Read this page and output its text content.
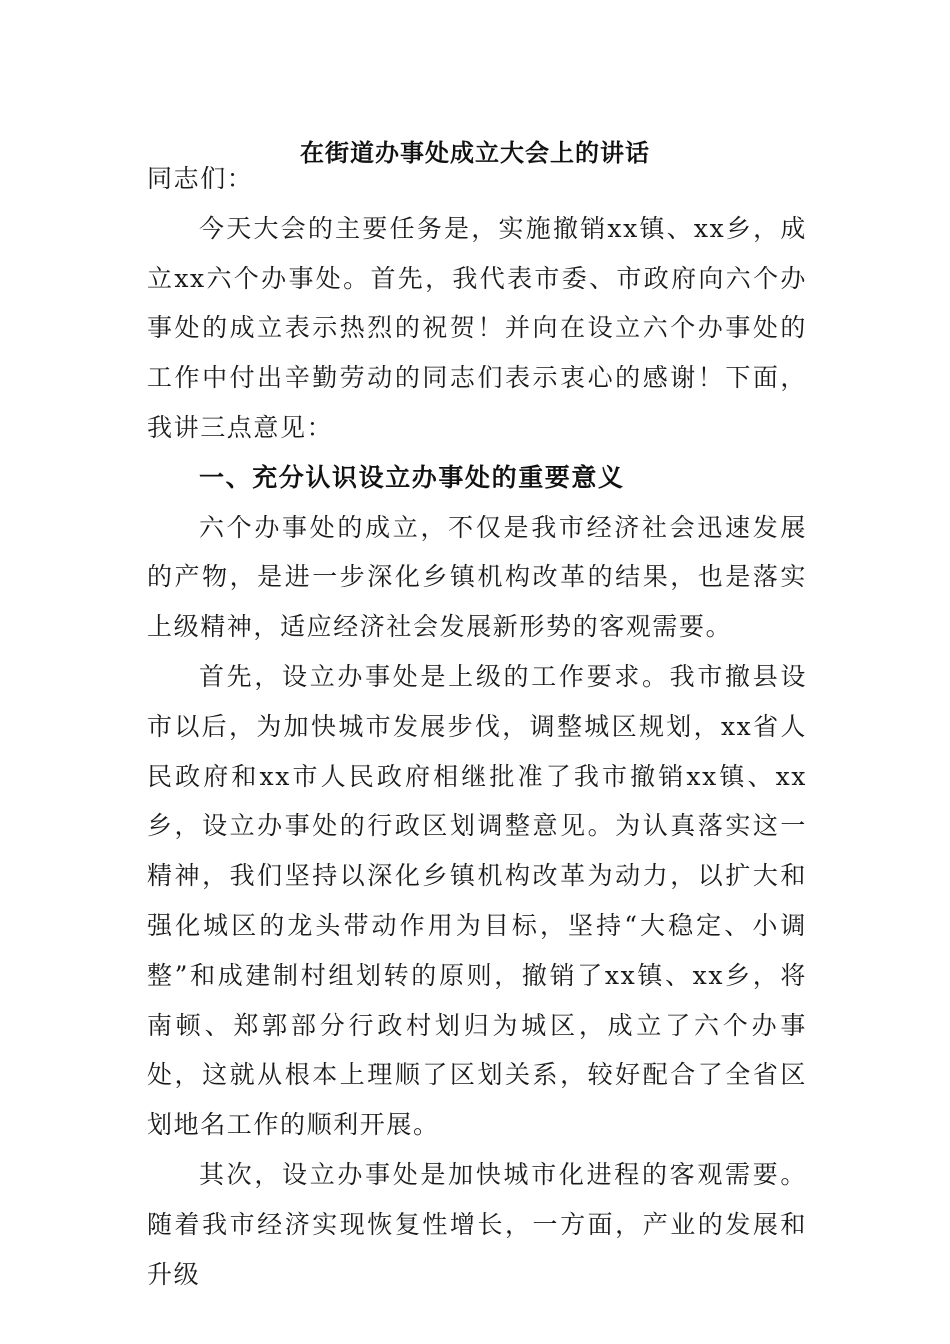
在街道办事处成立大会上的讲话

同志们：

今天大会的主要任务是，实施撤销xx镇、xx乡，成立xx六个办事处。首先，我代表市委、市政府向六个办事处的成立表示热烈的祝贺！并向在设立六个办事处的工作中付出辛勤劳动的同志们表示衷心的感谢！下面，我讲三点意见：

一、充分认识设立办事处的重要意义

六个办事处的成立，不仅是我市经济社会迅速发展的产物，是进一步深化乡镇机构改革的结果，也是落实上级精神，适应经济社会发展新形势的客观需要。

首先，设立办事处是上级的工作要求。我市撤县设市以后，为加快城市发展步伐，调整城区规划，xx省人民政府和xx市人民政府相继批准了我市撤销xx镇、xx乡，设立办事处的行政区划调整意见。为认真落实这一精神，我们坚持以深化乡镇机构改革为动力，以扩大和强化城区的龙头带动作用为目标，坚持“大稳定、小调整”和成建制村组划转的原则，撤销了xx镇、xx乡，将南顿、郑郭部分行政村划归为城区，成立了六个办事处，这就从根本上理顺了区划关系，较好配合了全省区划地名工作的顺利开展。

其次，设立办事处是加快城市化进程的客观需要。随着我市经济实现恢复性增长，一方面，产业的发展和升级
